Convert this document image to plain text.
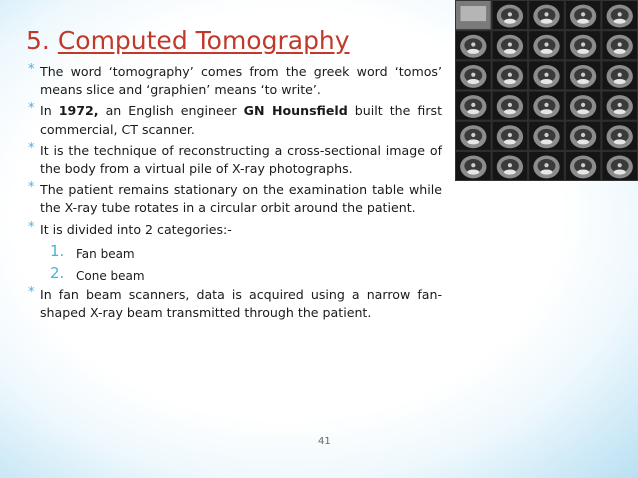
5. Computed Tomography
* The word ‘tomography’ comes from the greek word ‘tomos’ means slice and ‘graphien’ means ‘to write’.
* In 1972, an English engineer GN Hounsfield built the first commercial, CT scanner.
* It is the technique of reconstructing a cross-sectional image of the body from a virtual pile of X-ray photographs.
* The patient remains stationary on the examination table while the X-ray tube rotates in a circular orbit around the patient.
* It is divided into 2 categories:-
1. Fan beam
2. Cone beam
* In fan beam scanners, data is acquired using a narrow fan-shaped X-ray beam transmitted through the patient.
41
